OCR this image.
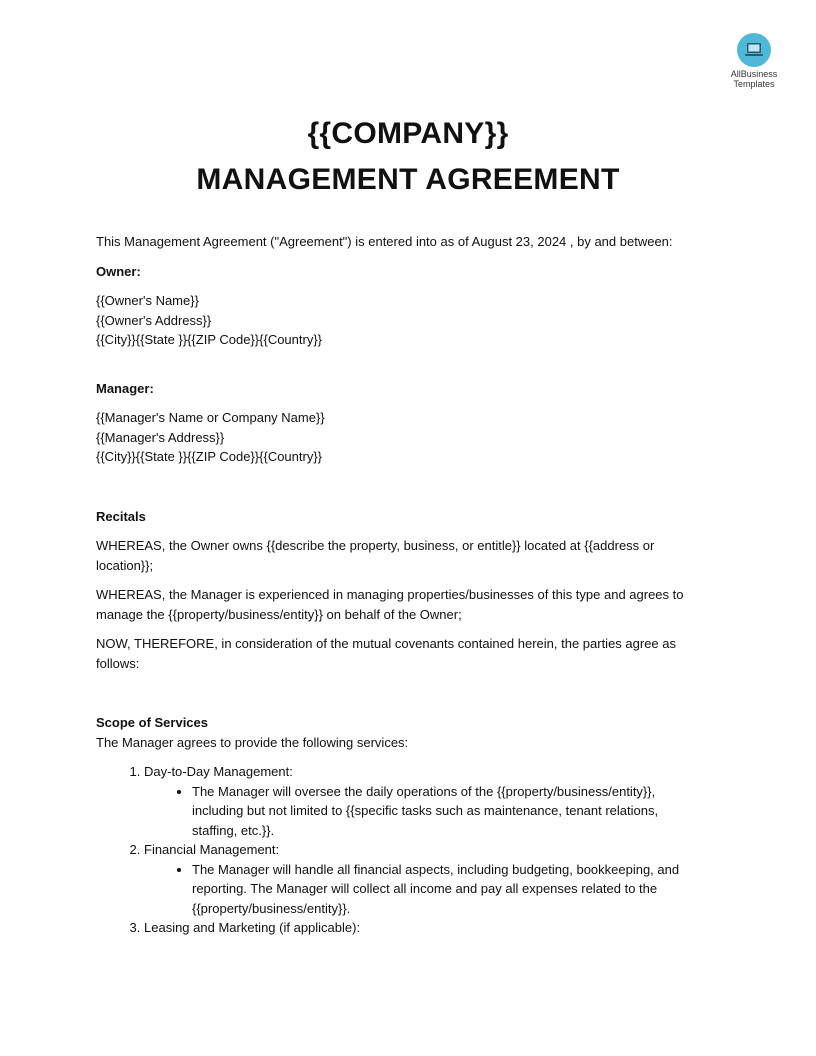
AllBusiness
Templates
{{COMPANY}}
MANAGEMENT AGREEMENT

This Management Agreement ("Agreement") is entered into as of August 23, 2024 , by and between:

Owner:

{{Owner's Name}}

{{Owner's Address}}

{{City}}{{State }}{{ZIP Code}}{{Country}}

Manager:

{{Manager's Name or Company Name}}

{{Manager's Address}}

{{City}}{{State }}{{ZIP Code}}{{Country}}

Recitals

WHEREAS, the Owner owns {{describe the property, business, or entitle}} located at {{address or location}};

WHEREAS, the Manager is experienced in managing properties/businesses of this type and agrees to manage the {{property/business/entity}} on behalf of the Owner;

NOW, THEREFORE, in consideration of the mutual covenants contained herein, the parties agree as follows:

Scope of Services

The Manager agrees to provide the following services:

1. Day-to-Day Management:
• The Manager will oversee the daily operations of the {{property/business/entity}}, including but not limited to {{specific tasks such as maintenance, tenant relations, staffing, etc.}}.
2. Financial Management:
• The Manager will handle all financial aspects, including budgeting, bookkeeping, and reporting. The Manager will collect all income and pay all expenses related to the {{property/business/entity}}.
3. Leasing and Marketing (if applicable):
